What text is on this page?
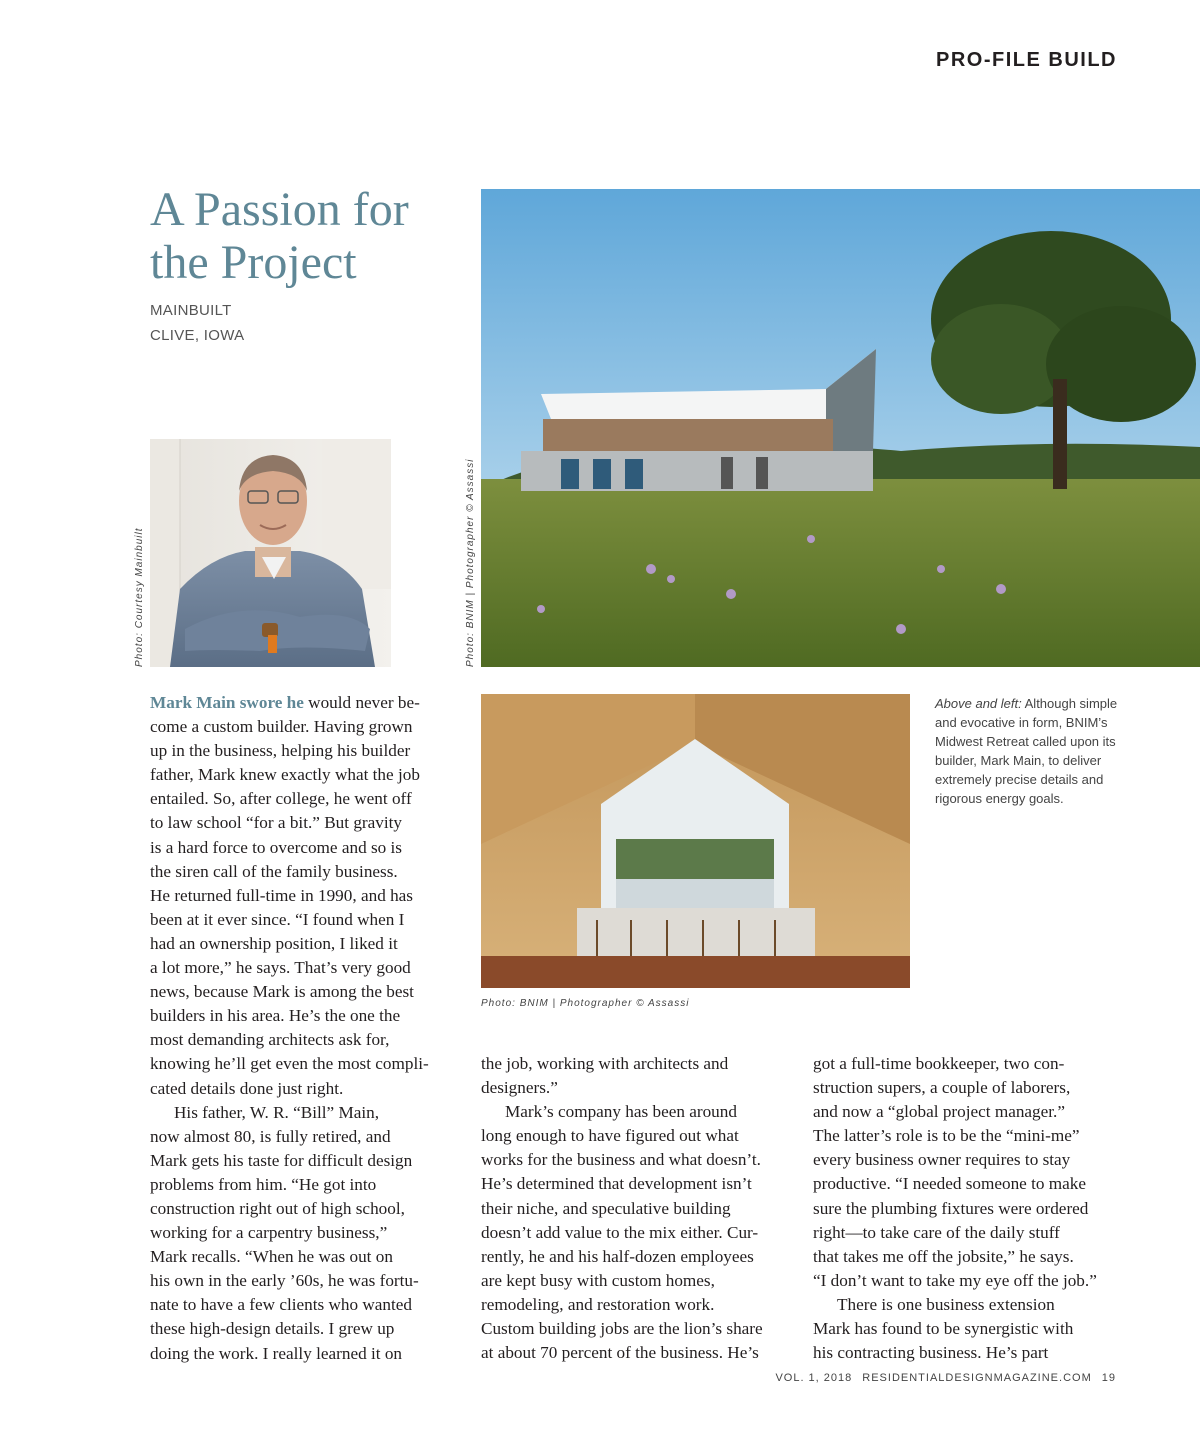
PRO-FILE BUILD
A Passion for
the Project
MAINBUILT
CLIVE, IOWA
Photo: Courtesy Mainbuilt	Photo: BNIM | Photographer © Assassi
Photo: BNIM | Photographer © Assassi
Above and left: Although simple and evocative in form, BNIM’s Midwest Retreat called upon its builder, Mark Main, to deliver extremely precise details and rigorous energy goals.

Mark Main swore he would never be-

come a custom builder. Having grown

up in the business, helping his builder

father, Mark knew exactly what the job

entailed. So, after college, he went off

to law school “for a bit.” But gravity

is a hard force to overcome and so is

the siren call of the family business.

He returned full-time in 1990, and has

been at it ever since. “I found when I

had an ownership position, I liked it

a lot more,” he says. That’s very good

news, because Mark is among the best

builders in his area. He’s the one the

most demanding architects ask for,

knowing he’ll get even the most compli-

cated details done just right.

His father, W. R. “Bill” Main,

now almost 80, is fully retired, and

Mark gets his taste for difficult design

problems from him. “He got into

construction right out of high school,

working for a carpentry business,”

Mark recalls. “When he was out on

his own in the early ’60s, he was fortu-

nate to have a few clients who wanted

these high-design details. I grew up

doing the work. I really learned it on

the job, working with architects and

designers.”

Mark’s company has been around

long enough to have figured out what

works for the business and what doesn’t.

He’s determined that development isn’t

their niche, and speculative building

doesn’t add value to the mix either. Cur-

rently, he and his half-dozen employees

are kept busy with custom homes,

remodeling, and restoration work.

Custom building jobs are the lion’s share

at about 70 percent of the business. He’s

got a full-time bookkeeper, two con-

struction supers, a couple of laborers,

and now a “global project manager.”

The latter’s role is to be the “mini-me”

every business owner requires to stay

productive. “I needed someone to make

sure the plumbing fixtures were ordered

right—to take care of the daily stuff

that takes me off the jobsite,” he says.

“I don’t want to take my eye off the job.”

There is one business extension

Mark has found to be synergistic with

his contracting business. He’s part

VOL. 1, 2018 RESIDENTIALDESIGNMAGAZINE.COM 19
